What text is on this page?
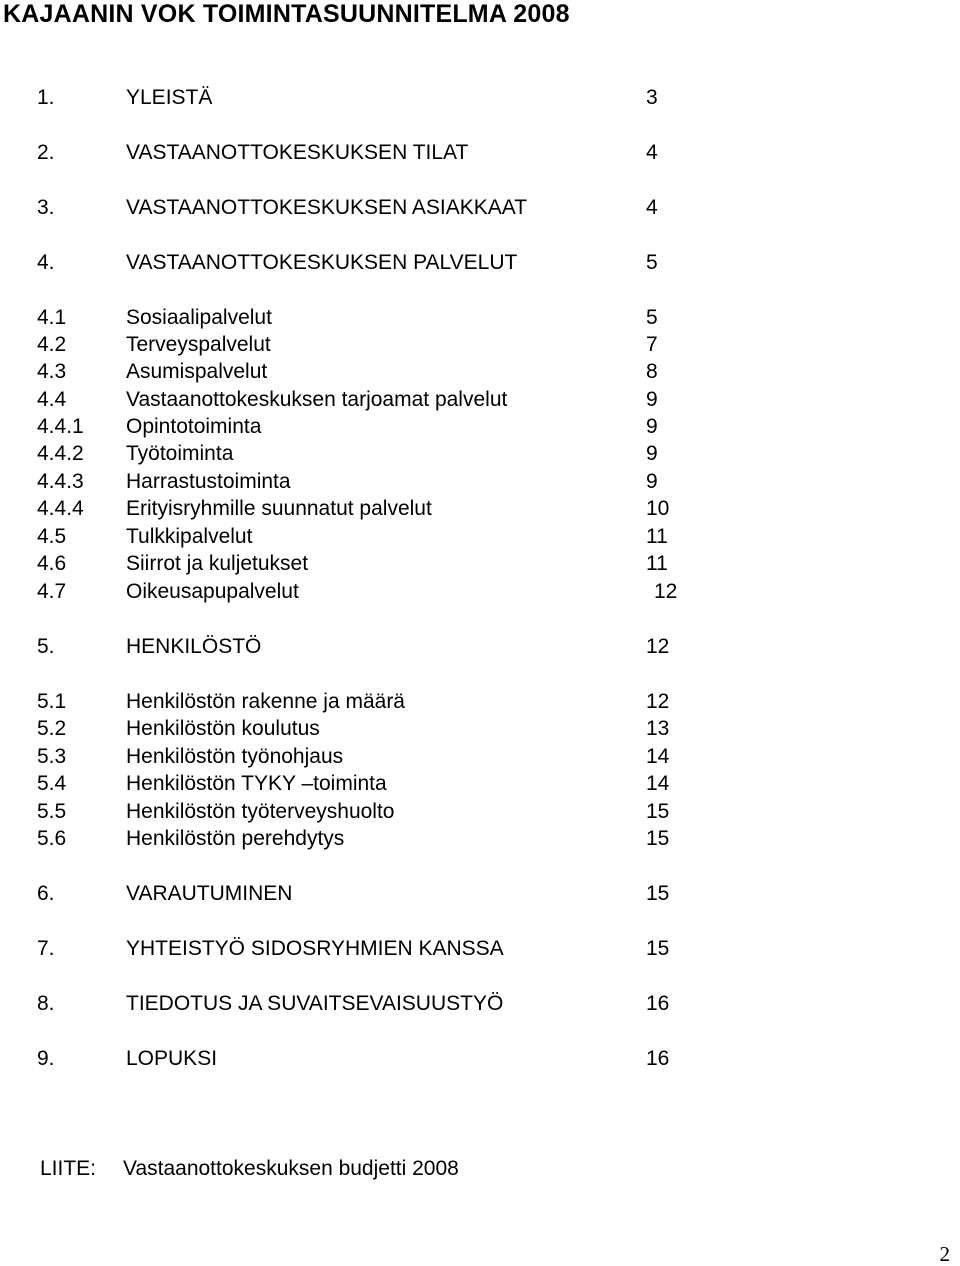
KAJAANIN VOK TOIMINTASUUNNITELMA 2008
1.	YLEISTÄ	3
2.	VASTAANOTTOKESKUKSEN TILAT	4
3.	VASTAANOTTOKESKUKSEN ASIAKKAAT	4
4.	VASTAANOTTOKESKUKSEN PALVELUT	5
4.1	Sosiaalipalvelut	5
4.2	Terveyspalvelut	7
4.3	Asumispalvelut	8
4.4	Vastaanottokeskuksen tarjoamat palvelut	9
4.4.1 Opintotoiminta	9
4.4.2 Työtoiminta	9
4.4.3 Harrastustoiminta	9
4.4.4 Erityisryhmille suunnatut palvelut	10
4.5	Tulkkipalvelut	11
4.6	Siirrot ja kuljetukset	11
4.7	Oikeusapupalvelut	12
5.	HENKILÖSTÖ	12
5.1	Henkilöstön rakenne ja määrä	12
5.2	Henkilöstön koulutus	13
5.3	Henkilöstön työnohjaus	14
5.4	Henkilöstön TYKY –toiminta	14
5.5	Henkilöstön työterveyshuolto	15
5.6	Henkilöstön perehdytys	15
6.	VARAUTUMINEN	15
7.	YHTEISTYÖ SIDOSRYHMIEN KANSSA	15
8.	TIEDOTUS JA SUVAITSEVAISUUSTYÖ	16
9.	LOPUKSI	16
LIITE: Vastaanottokeskuksen budjetti 2008
2
